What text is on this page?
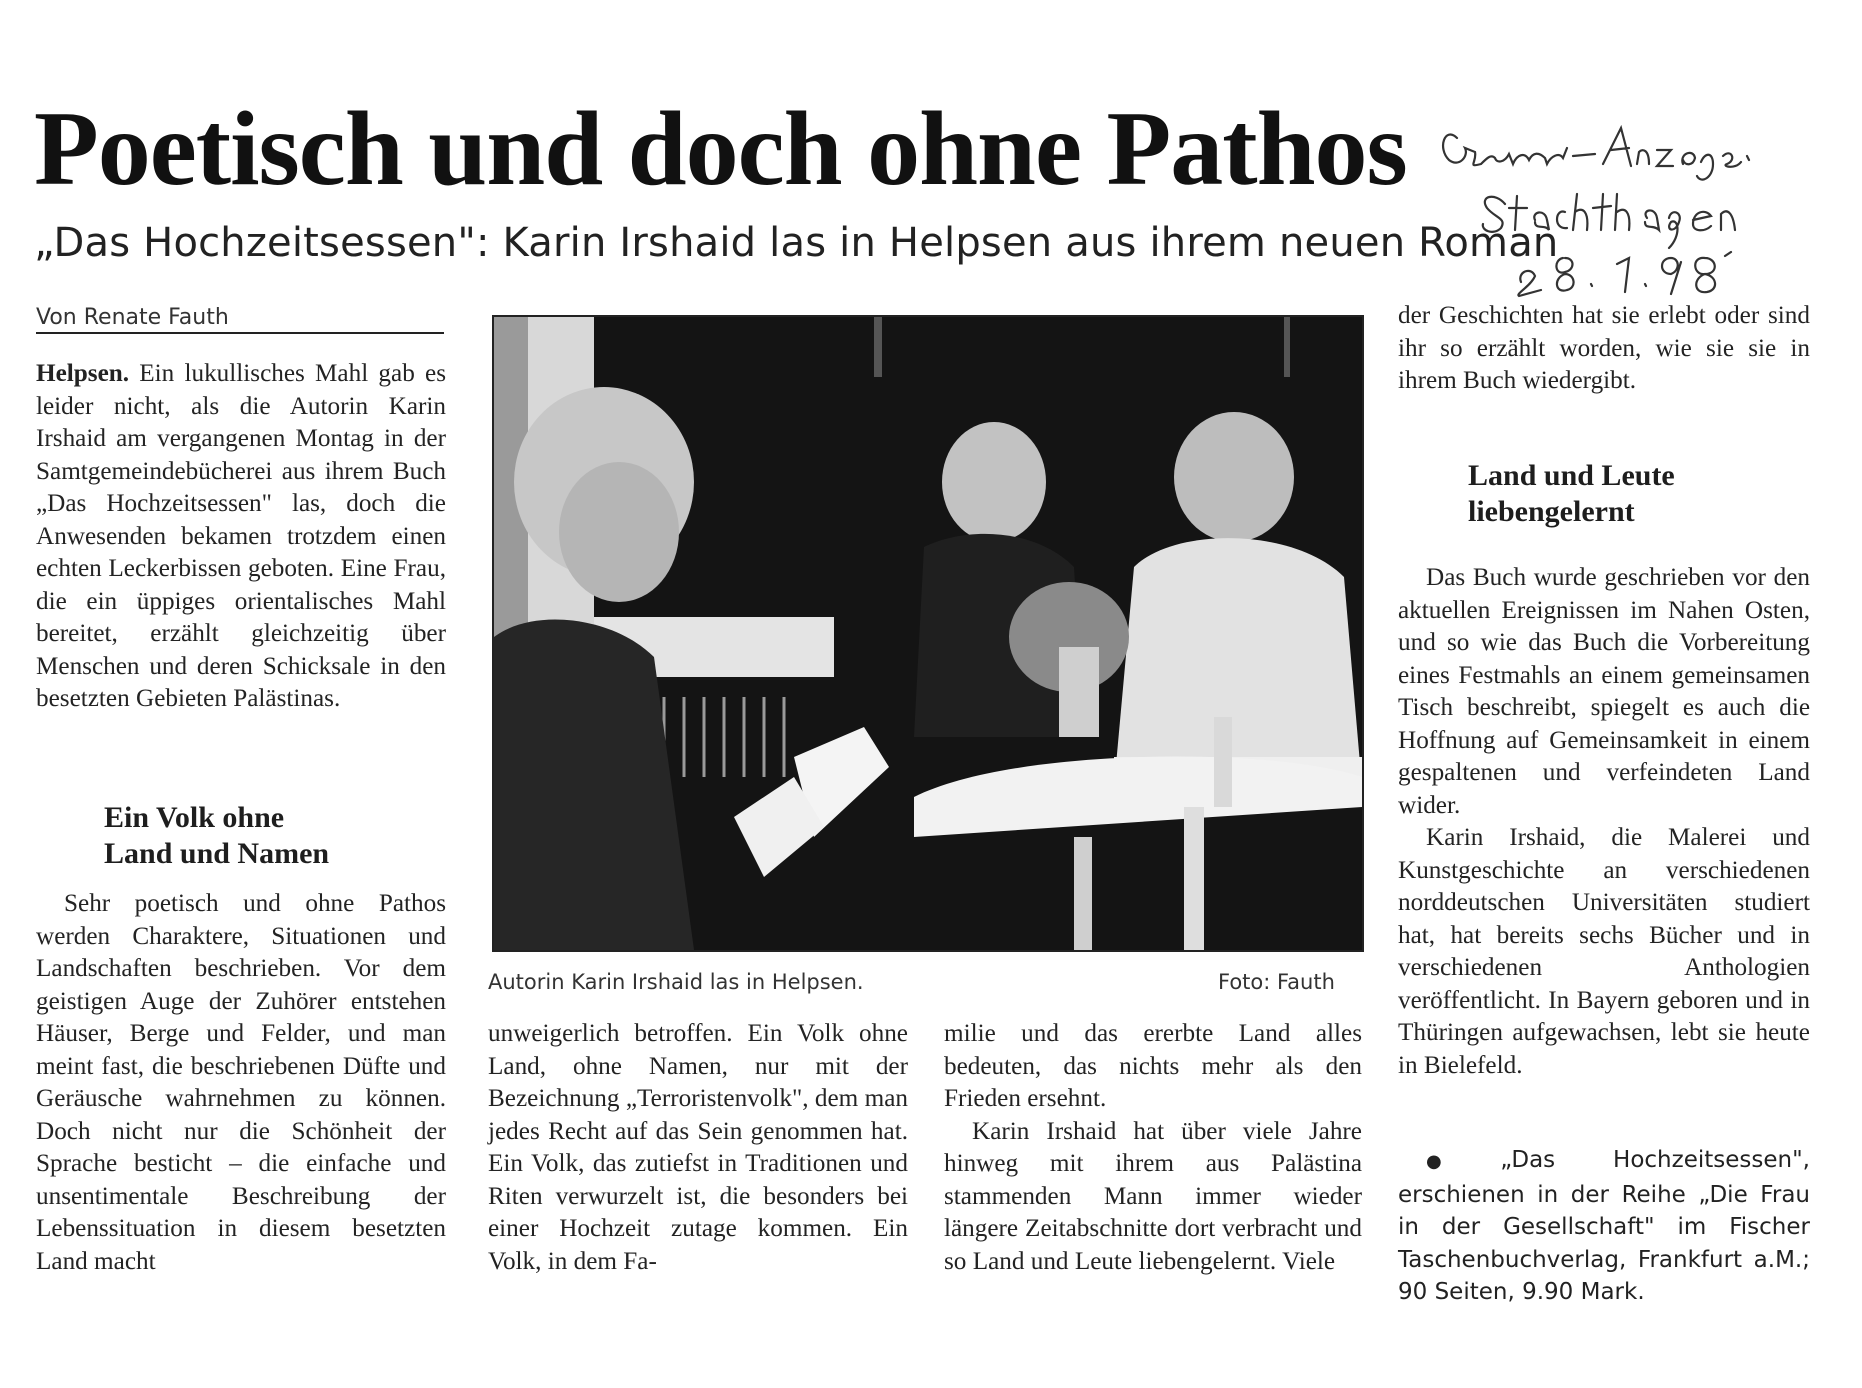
Poetisch und doch ohne Pathos
„Das Hochzeitsessen": Karin Irshaid las in Helpsen aus ihrem neuen Roman
Von Renate Fauth

Helpsen. Ein lukullisches Mahl gab es leider nicht, als die Autorin Karin Irshaid am vergangenen Montag in der Samtgemeindebücherei aus ihrem Buch „Das Hochzeitsessen" las, doch die Anwesenden bekamen trotzdem einen echten Leckerbissen geboten. Eine Frau, die ein üppiges orientalisches Mahl bereitet, erzählt gleichzeitig über Menschen und deren Schicksale in den besetzten Gebieten Palästinas.

Ein Volk ohne
Land und Namen

Sehr poetisch und ohne Pathos werden Charaktere, Situationen und Landschaften beschrieben. Vor dem geistigen Auge der Zuhörer entstehen Häuser, Berge und Felder, und man meint fast, die beschriebenen Düfte und Geräusche wahrnehmen zu können. Doch nicht nur die Schönheit der Sprache besticht – die einfache und unsentimentale Beschreibung der Lebenssituation in diesem besetzten Land macht

Autorin Karin Irshaid las in Helpsen.	Foto: Fauth

unweigerlich betroffen. Ein Volk ohne Land, ohne Namen, nur mit der Bezeichnung „Terroristenvolk", dem man jedes Recht auf das Sein genommen hat. Ein Volk, das zutiefst in Traditionen und Riten verwurzelt ist, die besonders bei einer Hochzeit zutage kommen. Ein Volk, in dem Fa-

milie und das ererbte Land alles bedeuten, das nichts mehr als den Frieden ersehnt.

Karin Irshaid hat über viele Jahre hinweg mit ihrem aus Palästina stammenden Mann immer wieder längere Zeitabschnitte dort verbracht und so Land und Leute liebengelernt. Viele

der Geschichten hat sie erlebt oder sind ihr so erzählt worden, wie sie sie in ihrem Buch wiedergibt.

Land und Leute
liebengelernt

Das Buch wurde geschrieben vor den aktuellen Ereignissen im Nahen Osten, und so wie das Buch die Vorbereitung eines Festmahls an einem gemeinsamen Tisch beschreibt, spiegelt es auch die Hoffnung auf Gemeinsamkeit in einem gespaltenen und verfeindeten Land wider.

Karin Irshaid, die Malerei und Kunstgeschichte an verschiedenen norddeutschen Universitäten studiert hat, hat bereits sechs Bücher und in verschiedenen Anthologien veröffentlicht. In Bayern geboren und in Thüringen aufgewachsen, lebt sie heute in Bielefeld.

● „Das Hochzeitsessen", erschienen in der Reihe „Die Frau in der Gesellschaft" im Fischer Taschenbuchverlag, Frankfurt a.M.; 90 Seiten, 9.90 Mark.
